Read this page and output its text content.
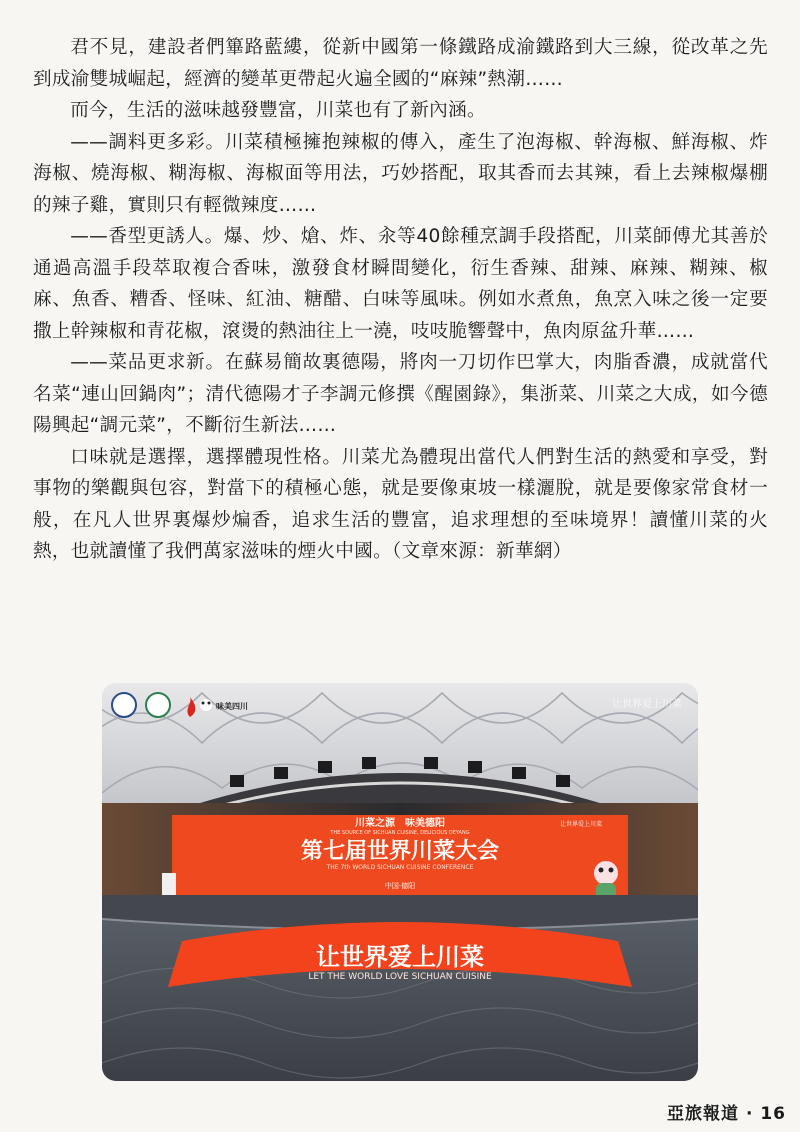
君不見，建設者們篳路藍縷，從新中國第一條鐵路成渝鐵路到大三線，從改革之先到成渝雙城崛起，經濟的變革更帶起火遍全國的“麻辣”熱潮……

而今，生活的滋味越發豐富，川菜也有了新內涵。

——調料更多彩。川菜積極擁抱辣椒的傳入，產生了泡海椒、幹海椒、鮮海椒、炸海椒、燒海椒、糊海椒、海椒面等用法，巧妙搭配，取其香而去其辣，看上去辣椒爆棚的辣子雞，實則只有輕微辣度……

——香型更誘人。爆、炒、熗、炸、汆等40餘種烹調手段搭配，川菜師傅尤其善於通過高溫手段萃取複合香味，激發食材瞬間變化，衍生香辣、甜辣、麻辣、糊辣、椒麻、魚香、糟香、怪味、紅油、糖醋、白味等風味。例如水煮魚，魚烹入味之後一定要撒上幹辣椒和青花椒，滾燙的熱油往上一澆，吱吱脆響聲中，魚肉原盆升華……

——菜品更求新。在蘇易簡故裏德陽，將肉一刀切作巴掌大，肉脂香濃，成就當代名菜“連山回鍋肉”；清代德陽才子李調元修撰《醒園錄》，集浙菜、川菜之大成，如今德陽興起“調元菜”，不斷衍生新法……

口味就是選擇，選擇體現性格。川菜尤為體現出當代人們對生活的熱愛和享受，對事物的樂觀與包容，對當下的積極心態，就是要像東坡一樣灑脫，就是要像家常食材一般，在凡人世界裏爆炒煸香，追求生活的豐富，追求理想的至味境界！讀懂川菜的火熱，也就讀懂了我們萬家滋味的煙火中國。（文章來源：新華網）

川菜之源　味美德阳
THE SOURCE OF SICHUAN CUISINE, DELICIOUS DEYANG
第七届世界川菜大会
THE 7th WORLD SICHUAN CUISINE CONFERENCE
中国·德阳
让世界爱上川菜
让世界爱上川菜
LET THE WORLD LOVE SICHUAN CUISINE
味美四川	让世界爱上川菜
亞旅報道 · 16
